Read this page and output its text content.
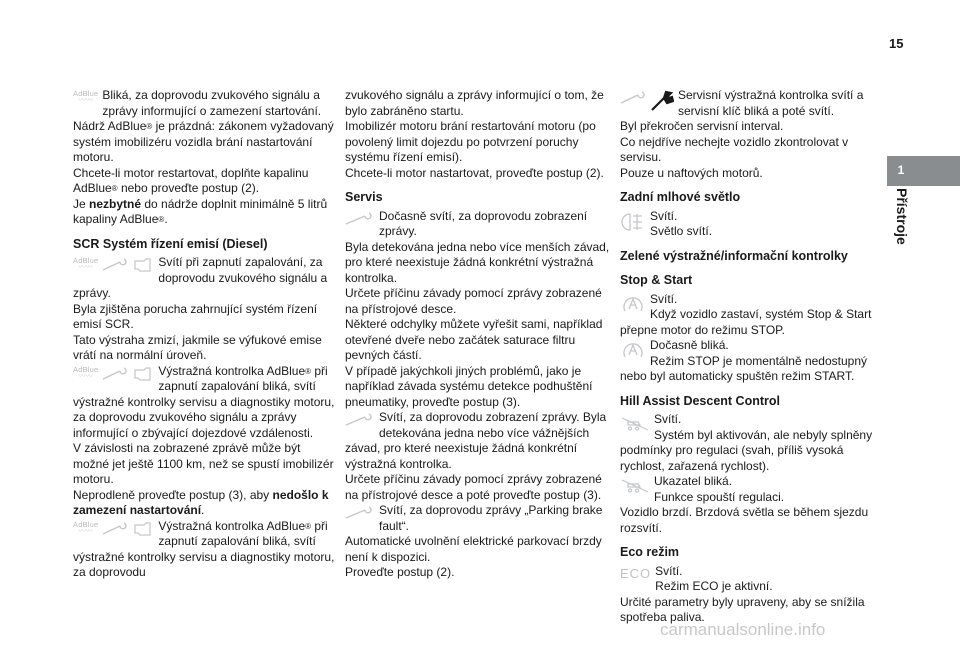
15
1
Přístroje
AdBlue
〰〰 Bliká, za doprovodu zvukového signálu a zprávy informující o zamezení startování.

Nádrž AdBlue® je prázdná: zákonem vyžadovaný systém imobilizéru vozidla brání nastartování motoru.

Chcete-li motor restartovat, doplňte kapalinu AdBlue® nebo proveďte postup (2).

Je nezbytné do nádrže doplnit minimálně 5 litrů kapaliny AdBlue®.

SCR Systém řízení emisí (Diesel)
AdBlue
〰〰	Svítí při zapnutí zapalování, za doprovodu zvukového signálu a zprávy.

Byla zjištěna porucha zahrnující systém řízení emisí SCR.

Tato výstraha zmizí, jakmile se výfukové emise vrátí na normální úroveň.

AdBlue
〰〰	Výstražná kontrolka AdBlue® při zapnutí zapalování bliká, svítí výstražné kontrolky servisu a diagnostiky motoru, za doprovodu zvukového signálu a zprávy informující o zbývající dojezdové vzdálenosti.

V závislosti na zobrazené zprávě může být možné jet ještě 1100 km, než se spustí imobilizér motoru.

Neprodleně proveďte postup (3), aby nedošlo k zamezení nastartování.

AdBlue
〰〰	Výstražná kontrolka AdBlue® při zapnutí zapalování bliká, svítí výstražné kontrolky servisu a diagnostiky motoru, za doprovodu

zvukového signálu a zprávy informující o tom, že bylo zabráněno startu.

Imobilizér motoru brání restartování motoru (po povolený limit dojezdu po potvrzení poruchy systému řízení emisí).

Chcete-li motor nastartovat, proveďte postup (2).

Servis

Dočasně svítí, za doprovodu zobrazení zprávy.

Byla detekována jedna nebo více menších závad, pro které neexistuje žádná konkrétní výstražná kontrolka.

Určete příčinu závady pomocí zprávy zobrazené na přístrojové desce.

Některé odchylky můžete vyřešit sami, například otevřené dveře nebo začátek saturace filtru pevných částí.

V případě jakýchkoli jiných problémů, jako je například závada systému detekce podhuštění pneumatiky, proveďte postup (3).

Svítí, za doprovodu zobrazení zprávy. Byla detekována jedna nebo více vážnějších závad, pro které neexistuje žádná konkrétní výstražná kontrolka.

Určete příčinu závady pomocí zprávy zobrazené na přístrojové desce a poté proveďte postup (3).

Svítí, za doprovodu zprávy „Parking brake fault“.

Automatické uvolnění elektrické parkovací brzdy není k dispozici.

Proveďte postup (2).

Servisní výstražná kontrolka svítí a servisní klíč bliká a poté svítí.

Byl překročen servisní interval.

Co nejdříve nechejte vozidlo zkontrolovat v servisu.

Pouze u naftových motorů.

Zadní mlhové světlo

Svítí.
Světlo svítí.

Zelené výstražné/informační kontrolky
Stop & Start

Svítí.
Když vozidlo zastaví, systém Stop & Start přepne motor do režimu STOP.

Dočasně bliká.
Režim STOP je momentálně nedostupný nebo byl automaticky spuštěn režim START.

Hill Assist Descent Control

Svítí.
Systém byl aktivován, ale nebyly splněny podmínky pro regulaci (svah, příliš vysoká rychlost, zařazená rychlost).

Ukazatel bliká.
Funkce spouští regulaci.

Vozidlo brzdí. Brzdová světla se během sjezdu rozsvítí.

Eco režim
ECO Svítí.
Režim ECO je aktivní.

Určité parametry byly upraveny, aby se snížila spotřeba paliva.

carmanualsonline.info
